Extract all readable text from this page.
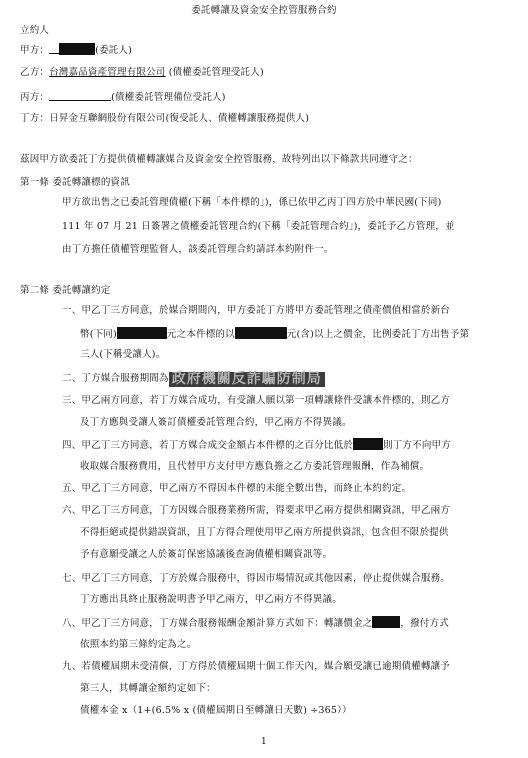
委託轉讓及資金安全控管服務合約
立約人
甲方：	(委託人)
乙方：台灣嘉品資產管理有限公司 (債權委託管理受託人)
丙方：	(債權委託管理備位受託人)
丁方：日昇金互聯網股份有限公司(復受託人、債權轉讓服務提供人)
茲因甲方欲委託丁方提供債權轉讓媒合及資金安全控管服務，故特列出以下條款共同遵守之：
第一條 委託轉讓標的資訊
甲方欲出售之已委託管理債權(下稱「本件標的」)，係已依甲乙丙丁四方於中華民國(下同)
111 年 07 月 21 日簽署之債權委託管理合約(下稱「委託管理合約」)，委託予乙方管理，並
由丁方擔任債權管理監督人，該委託管理合約請詳本約附件一。
第二條 委託轉讓約定
一、甲乙丁三方同意，於媒合期間內，甲方委託丁方將甲方委託管理之債產價值相當於新台
幣(下同)	元之本件標的以	元(含)以上之價金，比例委託丁方出售予第
三人(下稱受讓人)。
二、丁方媒合服務期間為 政府機關反詐騙防制局
三、甲乙兩方同意，若丁方媒合成功，有受讓人願以第一項轉讓條件受讓本件標的，則乙方
及丁方應與受讓人簽訂債權委託管理合約，甲乙兩方不得異議。
四、甲乙丁三方同意，若丁方媒合成交金額占本件標的之百分比低於	則丁方不向甲方
收取媒合服務費用，且代替甲方支付甲方應負擔之乙方委託管理報酬，作為補償。
五、甲乙丁三方同意，甲乙兩方不得因本件標的未能全數出售，而終止本約約定。
六、甲乙丁三方同意，丁方因媒合服務業務所需，得要求甲乙兩方提供相關資訊，甲乙兩方
不得拒絕或提供錯誤資訊，且丁方得合理使用甲乙兩方所提供資訊，包含但不限於提供
予有意願受讓之人於簽訂保密協議後查詢債權相關資訊等。
七、甲乙丁三方同意，丁方於媒合服務中，得因市場情況或其他因素，停止提供媒合服務。
丁方應出具終止服務說明書予甲乙兩方，甲乙兩方不得異議。
八、甲乙丁三方同意，丁方媒合服務報酬金額計算方式如下：轉讓價金之	，撥付方式
依照本約第三條約定為之。
九、若債權屆期未受清償，丁方得於債權屆期十個工作天內，媒合願受讓已逾期債權轉讓予
第三人，其轉讓金額約定如下：
債權本金 x（1+(6.5% x (債權屆期日至轉讓日天數) ÷365））
1
